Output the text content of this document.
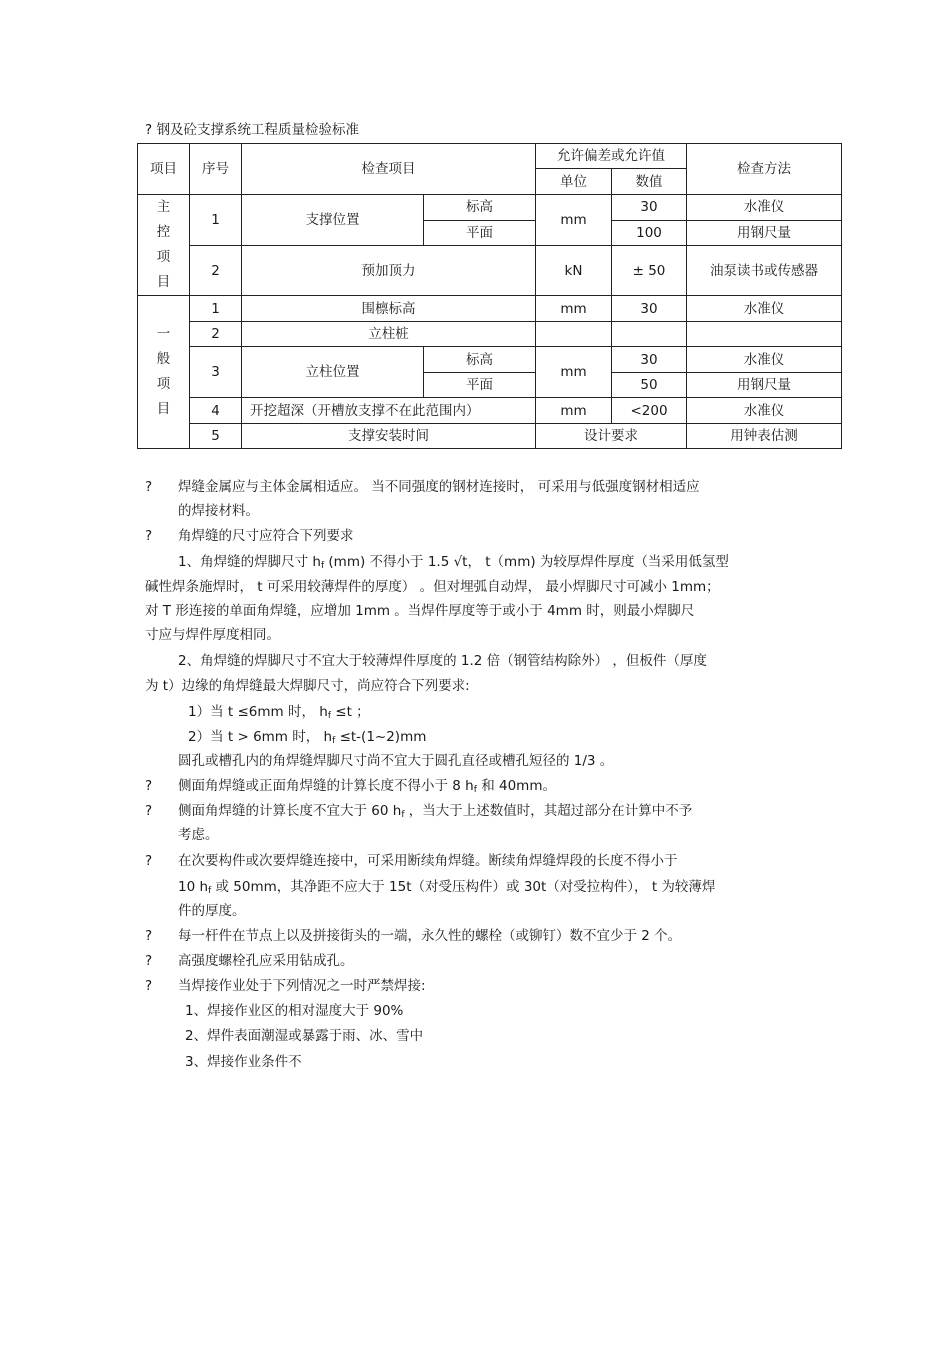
? 钢及砼支撑系统工程质量检验标准
项目	序号	检查项目		允许偏差或允许值		检查方法
				单位	数值	
主
控
项
目	1	支撑位置	标高	mm	30	水准仪
			平面		100	用钢尺量
	2	预加顶力		kN	± 50	油泵读书或传感器
一
般
项
目	1	围檩标高		mm	30	水准仪
	2	立柱桩				
	3	立柱位置	标高	mm	30	水准仪
			平面		50	用钢尺量
	4	开挖超深（开槽放支撑不在此范围内）		mm	<200	水准仪
	5	支撑安装时间		设计要求		用钟表估测
? 焊缝金属应与主体金属相适应。 当不同强度的钢材连接时， 可采用与低强度钢材相适应
的焊接材料。
? 角焊缝的尺寸应符合下列要求
1、角焊缝的焊脚尺寸 $h_f$ (mm) 不得小于 1.5 √t， t（mm) 为较厚焊件厚度（当采用低氢型
碱性焊条施焊时， t 可采用较薄焊件的厚度） 。但对埋弧自动焊， 最小焊脚尺寸可减小 1mm；
对 T 形连接的单面角焊缝，应增加 1mm 。当焊件厚度等于或小于 4mm 时，则最小焊脚尺
寸应与焊件厚度相同。
2、角焊缝的焊脚尺寸不宜大于较薄焊件厚度的 1.2 倍（钢管结构除外） ，但板件（厚度
为 t）边缘的角焊缝最大焊脚尺寸，尚应符合下列要求:
1）当 t ≤6mm 时， $h_f \le t$ ；
2）当 t > 6mm 时， $h_f$ ≤t-(1~2)mm
圆孔或槽孔内的角焊缝焊脚尺寸尚不宜大于圆孔直径或槽孔短径的 1/3 。
? 侧面角焊缝或正面角焊缝的计算长度不得小于 8 $h_f$ 和 40mm。
? 侧面角焊缝的计算长度不宜大于 60 $h_f$ ，当大于上述数值时，其超过部分在计算中不予
考虑。
? 在次要构件或次要焊缝连接中，可采用断续角焊缝。断续角焊缝焊段的长度不得小于
10 $h_f$ 或 50mm，其净距不应大于 15t（对受压构件）或 30t（对受拉构件）， t 为较薄焊
件的厚度。
? 每一杆件在节点上以及拼接街头的一端，永久性的螺栓（或铆钉）数不宜少于 2 个。
? 高强度螺栓孔应采用钻成孔。
? 当焊接作业处于下列情况之一时严禁焊接:
1、焊接作业区的相对湿度大于 90%
2、焊件表面潮湿或暴露于雨、冰、雪中
3、焊接作业条件不
